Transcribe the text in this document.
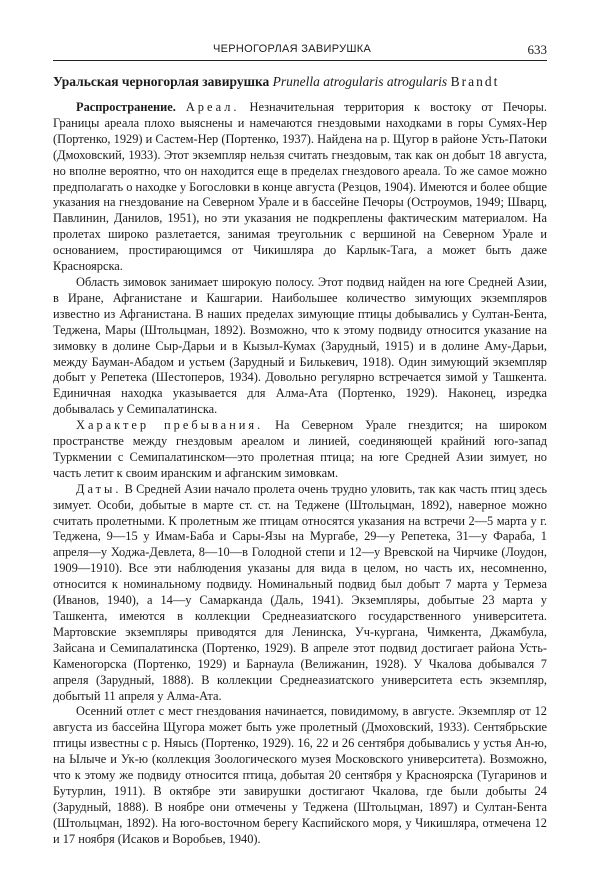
ЧЕРНОГОРЛАЯ ЗАВИРУШКА	633
Уральская черногорлая завирушка Prunella atrogularis atrogularis Brandt

Распространение. Ареал. Незначительная территория к востоку от Печоры. Границы ареала плохо выяснены и намечаются гнездовыми находками в горы Сумях-Нер (Портенко, 1929) и Састем-Нер (Портенко, 1937). Найдена на р. Щугор в районе Усть-Патоки (Дмоховский, 1933). Этот экземпляр нельзя считать гнездовым, так как он добыт 18 августа, но вполне вероятно, что он находится еще в пределах гнездового ареала. То же самое можно предполагать о находке у Богословки в конце августа (Резцов, 1904). Имеются и более общие указания на гнездование на Северном Урале и в бассейне Печоры (Остроумов, 1949; Шварц, Павлинин, Данилов, 1951), но эти указания не подкреплены фактическим материалом. На пролетах широко разлетается, занимая треугольник с вершиной на Северном Урале и основанием, простирающимся от Чикишляра до Карлык-Тага, а может быть даже Красноярска.

Область зимовок занимает широкую полосу. Этот подвид найден на юге Средней Азии, в Иране, Афганистане и Кашгарии. Наибольшее количество зимующих экземпляров известно из Афганистана. В наших пределах зимующие птицы добывались у Султан-Бента, Теджена, Мары (Штольцман, 1892). Возможно, что к этому подвиду относится указание на зимовку в долине Сыр-Дарьи и в Кызыл-Кумах (Зарудный, 1915) и в долине Аму-Дарьи, между Бауман-Абадом и устьем (Зарудный и Билькевич, 1918). Один зимующий экземпляр добыт у Репетека (Шестоперов, 1934). Довольно регулярно встречается зимой у Ташкента. Единичная находка указывается для Алма-Ата (Портенко, 1929). Наконец, изредка добывалась у Семипалатинска.

Характер пребывания. На Северном Урале гнездится; на широком пространстве между гнездовым ареалом и линией, соединяющей крайний юго-запад Туркмении с Семипалатинском—это пролетная птица; на юге Средней Азии зимует, но часть летит к своим иранским и афганским зимовкам.

Даты. В Средней Азии начало пролета очень трудно уловить, так как часть птиц здесь зимует. Особи, добытые в марте ст. ст. на Теджене (Штольцман, 1892), наверное можно считать пролетными. К пролетным же птицам относятся указания на встречи 2—5 марта у г. Теджена, 9—15 у Имам-Баба и Сары-Язы на Мургабе, 29—у Репетека, 31—у Фараба, 1 апреля—у Ходжа-Девлета, 8—10—в Голодной степи и 12—у Вревской на Чирчике (Лоудон, 1909—1910). Все эти наблюдения указаны для вида в целом, но часть их, несомненно, относится к номинальному подвиду. Номинальный подвид был добыт 7 марта у Термеза (Иванов, 1940), а 14—у Самарканда (Даль, 1941). Экземпляры, добытые 23 марта у Ташкента, имеются в коллекции Среднеазиатского государственного университета. Мартовские экземпляры приводятся для Ленинска, Уч-кургана, Чимкента, Джамбула, Зайсана и Семипалатинска (Портенко, 1929). В апреле этот подвид достигает района Усть-Каменогорска (Портенко, 1929) и Барнаула (Велижанин, 1928). У Чкалова добывался 7 апреля (Зарудный, 1888). В коллекции Среднеазиатского университета есть экземпляр, добытый 11 апреля у Алма-Ата.

Осенний отлет с мест гнездования начинается, повидимому, в августе. Экземпляр от 12 августа из бассейна Щугора может быть уже пролетный (Дмоховский, 1933). Сентябрьские птицы известны с р. Няысь (Портенко, 1929). 16, 22 и 26 сентября добывались у устья Ан-ю, на Ылыче и Ук-ю (коллекция Зоологического музея Московского университета). Возможно, что к этому же подвиду относится птица, добытая 20 сентября у Красноярска (Тугаринов и Бутурлин, 1911). В октябре эти завирушки достигают Чкалова, где были добыты 24 (Зарудный, 1888). В ноябре они отмечены у Теджена (Штольцман, 1897) и Султан-Бента (Штольцман, 1892). На юго-восточном берегу Каспийского моря, у Чикишляра, отмечена 12 и 17 ноября (Исаков и Воробьев, 1940).
